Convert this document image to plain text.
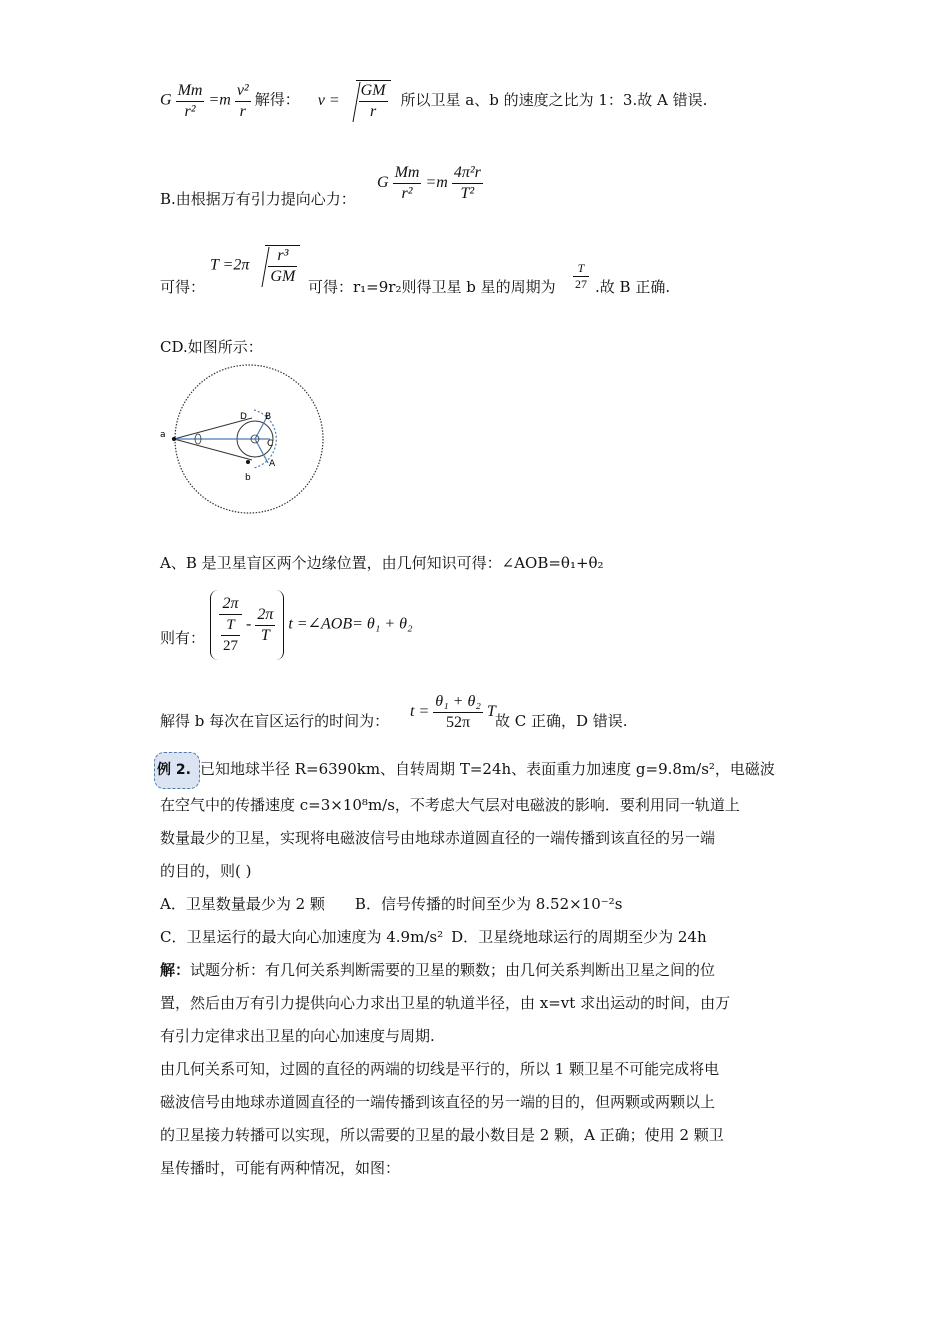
G $\frac{Mm}{\text{r²}} =m \frac{\text{v²}}{r}$ 解得： $v = \frac{GM}{r}$ 所以卫星 a、b 的速度之比为 1：3.故 A 错误.
B.由根据万有引力提向心力：
G $\frac{Mm}{\text{r²}} =m \frac{\text{4π²r}}{\text{T²}}$
可得：
$T =2\pi \frac{\text{r³}}{GM}$ 可得：r₁=9r₂则得卫星 b 星的周期为 $\frac{T}{27}$ .故 B 正确.
CD.如图所示：
a
b
A
B
C
D
A、B 是卫星盲区两个边缘位置，由几何知识可得：∠AOB=θ₁+θ₂
则有： $\frac{2\pi}{\frac{T}{27}} - \frac{2\pi}{T}$ t =∠AOB= θ₁ + θ₂
解得 b 每次在盲区运行的时间为：
$t = \frac{\text{θ₁ + θ₂}}{52\pi}$ T
故 C 正确，D 错误.
例 2. 已知地球半径 R=6390km、自转周期 T=24h、表面重力加速度 g=9.8m/s²，电磁波
在空气中的传播速度 c=3×10⁸m/s，不考虑大气层对电磁波的影响．要利用同一轨道上
数量最少的卫星，实现将电磁波信号由地球赤道圆直径的一端传播到该直径的另一端
的目的，则( )
A．卫星数量最少为 2 颗 B．信号传播的时间至少为 8.52×10⁻²s
C．卫星运行的最大向心加速度为 4.9m/s² D．卫星绕地球运行的周期至少为 24h
解：试题分析：有几何关系判断需要的卫星的颗数；由几何关系判断出卫星之间的位
置，然后由万有引力提供向心力求出卫星的轨道半径，由 x=vt 求出运动的时间，由万
有引力定律求出卫星的向心加速度与周期.
由几何关系可知，过圆的直径的两端的切线是平行的，所以 1 颗卫星不可能完成将电
磁波信号由地球赤道圆直径的一端传播到该直径的另一端的目的，但两颗或两颗以上
的卫星接力转播可以实现，所以需要的卫星的最小数目是 2 颗，A 正确；使用 2 颗卫
星传播时，可能有两种情况，如图：
